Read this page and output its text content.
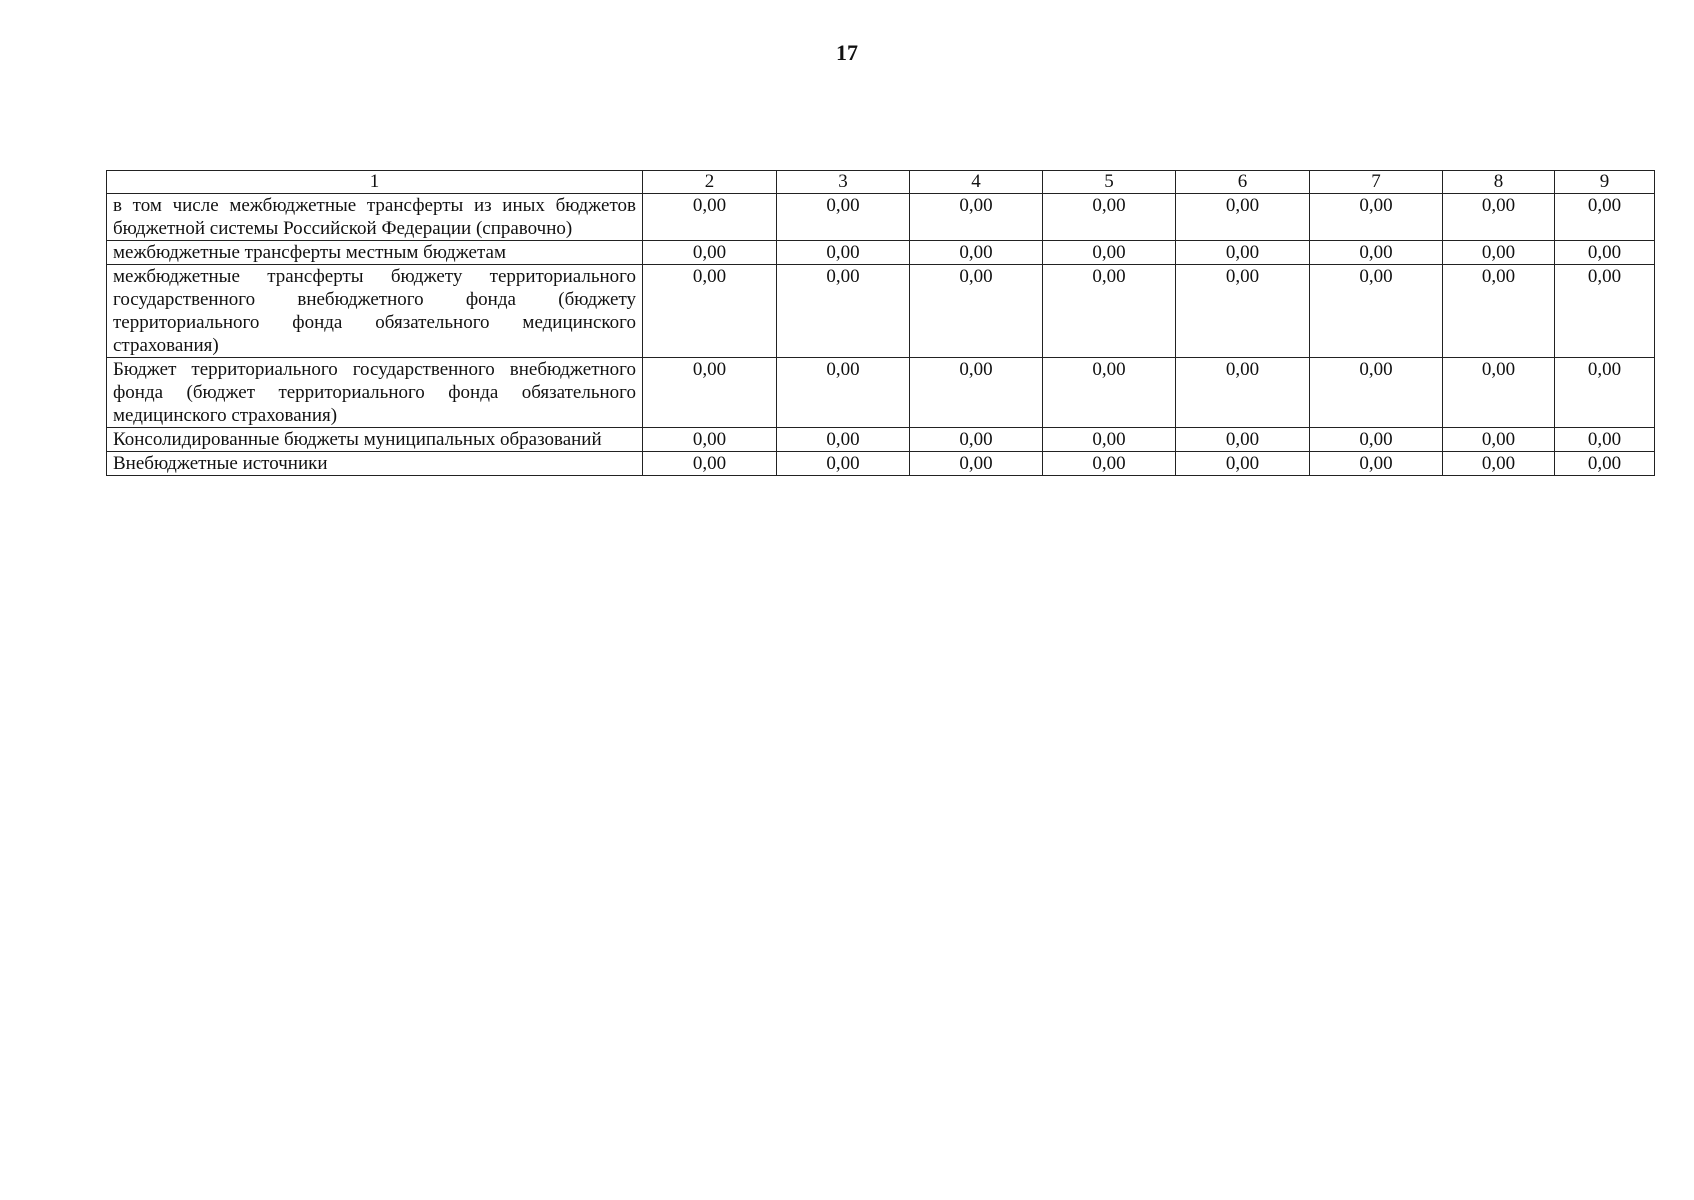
17
1	2	3	4	5	6	7	8	9
в том числе межбюджетные трансферты из иных бюджетов бюджетной системы Российской Федерации (справочно)	0,00	0,00	0,00	0,00	0,00	0,00	0,00	0,00
межбюджетные трансферты местным бюджетам	0,00	0,00	0,00	0,00	0,00	0,00	0,00	0,00
межбюджетные трансферты бюджету территориального государственного внебюджетного фонда (бюджету территориального фонда обязательного медицинского страхования)	0,00	0,00	0,00	0,00	0,00	0,00	0,00	0,00
Бюджет территориального государственного внебюджетного фонда (бюджет территориального фонда обязательного медицинского страхования)	0,00	0,00	0,00	0,00	0,00	0,00	0,00	0,00
Консолидированные бюджеты муниципальных образований	0,00	0,00	0,00	0,00	0,00	0,00	0,00	0,00
Внебюджетные источники	0,00	0,00	0,00	0,00	0,00	0,00	0,00	0,00
